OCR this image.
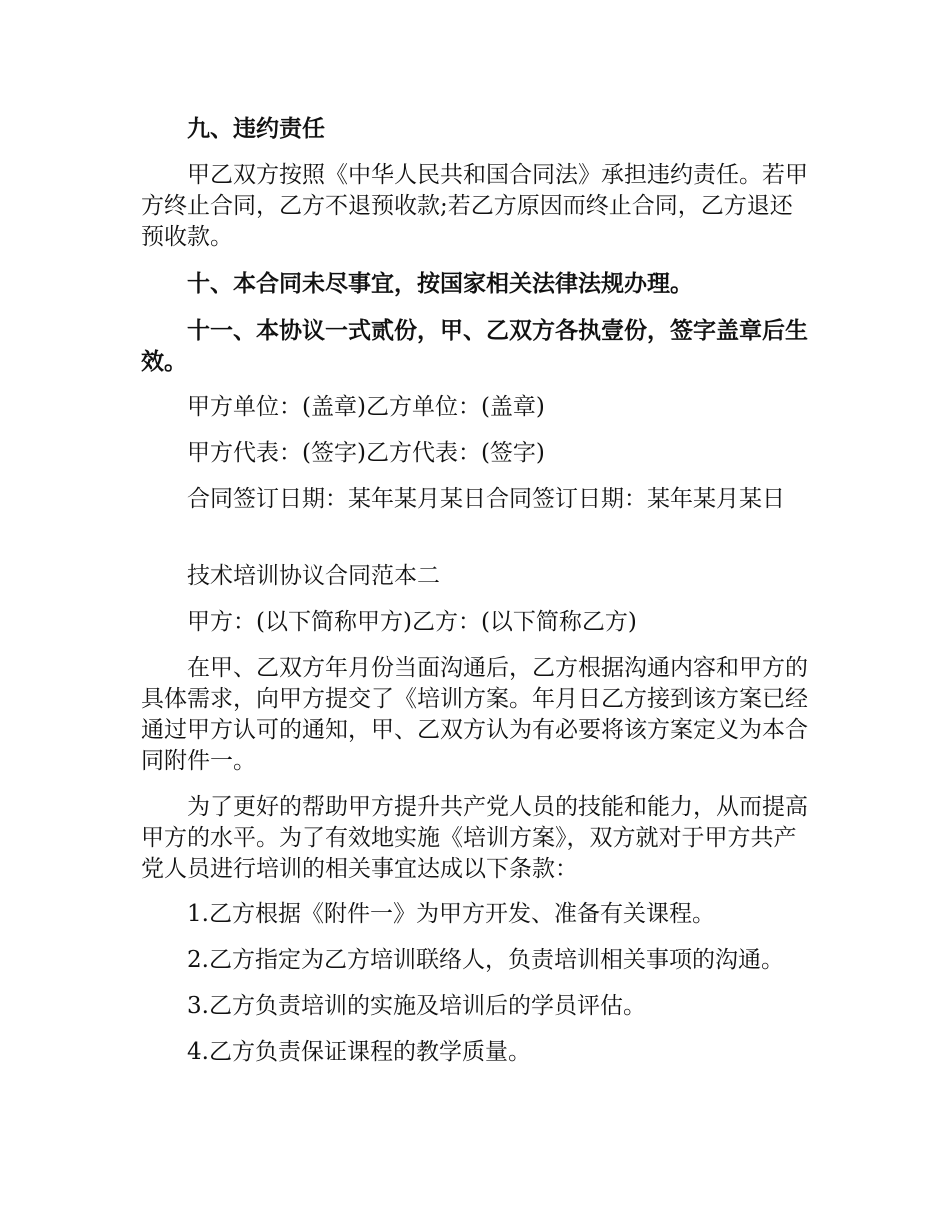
九、违约责任

甲乙双方按照《中华人民共和国合同法》承担违约责任。若甲方终止合同，乙方不退预收款;若乙方原因而终止合同，乙方退还预收款。

十、本合同未尽事宜，按国家相关法律法规办理。

十一、本协议一式贰份，甲、乙双方各执壹份，签字盖章后生效。

甲方单位：(盖章)乙方单位：(盖章)

甲方代表：(签字)乙方代表：(签字)

合同签订日期：某年某月某日合同签订日期：某年某月某日

技术培训协议合同范本二

甲方：(以下简称甲方)乙方：(以下简称乙方)

在甲、乙双方年月份当面沟通后，乙方根据沟通内容和甲方的具体需求，向甲方提交了《培训方案。年月日乙方接到该方案已经通过甲方认可的通知，甲、乙双方认为有必要将该方案定义为本合同附件一。

为了更好的帮助甲方提升共产党人员的技能和能力，从而提高甲方的水平。为了有效地实施《培训方案》，双方就对于甲方共产党人员进行培训的相关事宜达成以下条款：

1.乙方根据《附件一》为甲方开发、准备有关课程。

2.乙方指定为乙方培训联络人，负责培训相关事项的沟通。

3.乙方负责培训的实施及培训后的学员评估。

4.乙方负责保证课程的教学质量。
